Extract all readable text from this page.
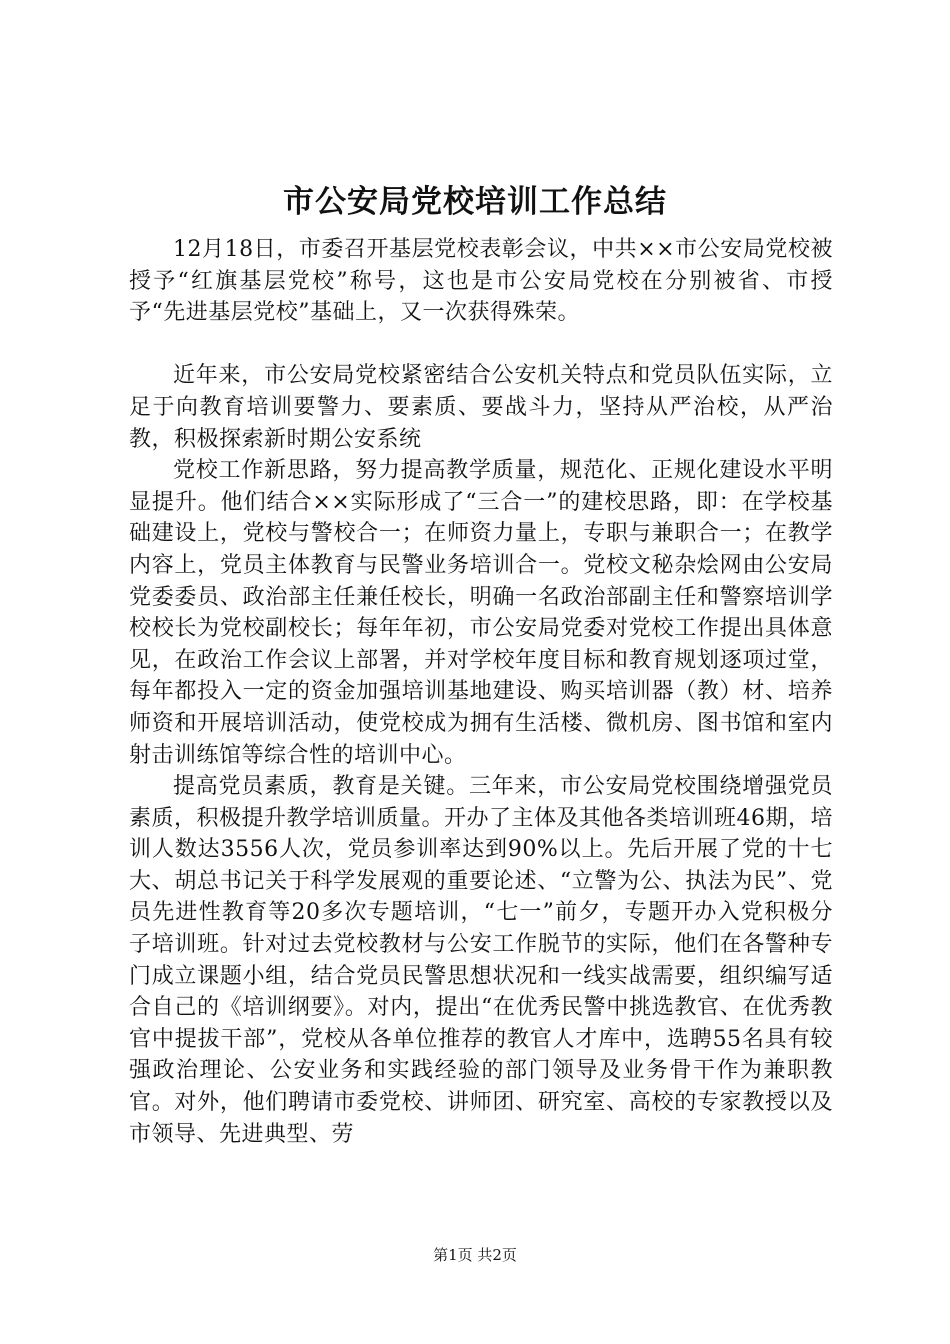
市公安局党校培训工作总结

12月18日，市委召开基层党校表彰会议，中共××市公安局党校被授予“红旗基层党校”称号，这也是市公安局党校在分别被省、市授予“先进基层党校”基础上，又一次获得殊荣。

近年来，市公安局党校紧密结合公安机关特点和党员队伍实际，立足于向教育培训要警力、要素质、要战斗力，坚持从严治校，从严治教，积极探索新时期公安系统

党校工作新思路，努力提高教学质量，规范化、正规化建设水平明显提升。他们结合××实际形成了“三合一”的建校思路，即：在学校基础建设上，党校与警校合一；在师资力量上，专职与兼职合一；在教学内容上，党员主体教育与民警业务培训合一。党校文秘杂烩网由公安局党委委员、政治部主任兼任校长，明确一名政治部副主任和警察培训学校校长为党校副校长；每年年初，市公安局党委对党校工作提出具体意见，在政治工作会议上部署，并对学校年度目标和教育规划逐项过堂，每年都投入一定的资金加强培训基地建设、购买培训器（教）材、培养师资和开展培训活动，使党校成为拥有生活楼、微机房、图书馆和室内射击训练馆等综合性的培训中心。

提高党员素质，教育是关键。三年来，市公安局党校围绕增强党员素质，积极提升教学培训质量。开办了主体及其他各类培训班46期，培训人数达3556人次，党员参训率达到90%以上。先后开展了党的十七大、胡总书记关于科学发展观的重要论述、“立警为公、执法为民”、党员先进性教育等20多次专题培训，“七一”前夕，专题开办入党积极分子培训班。针对过去党校教材与公安工作脱节的实际，他们在各警种专门成立课题小组，结合党员民警思想状况和一线实战需要，组织编写适合自己的《培训纲要》。对内，提出“在优秀民警中挑选教官、在优秀教官中提拔干部”，党校从各单位推荐的教官人才库中，选聘55名具有较强政治理论、公安业务和实践经验的部门领导及业务骨干作为兼职教官。对外，他们聘请市委党校、讲师团、研究室、高校的专家教授以及市领导、先进典型、劳

第1页 共2页
